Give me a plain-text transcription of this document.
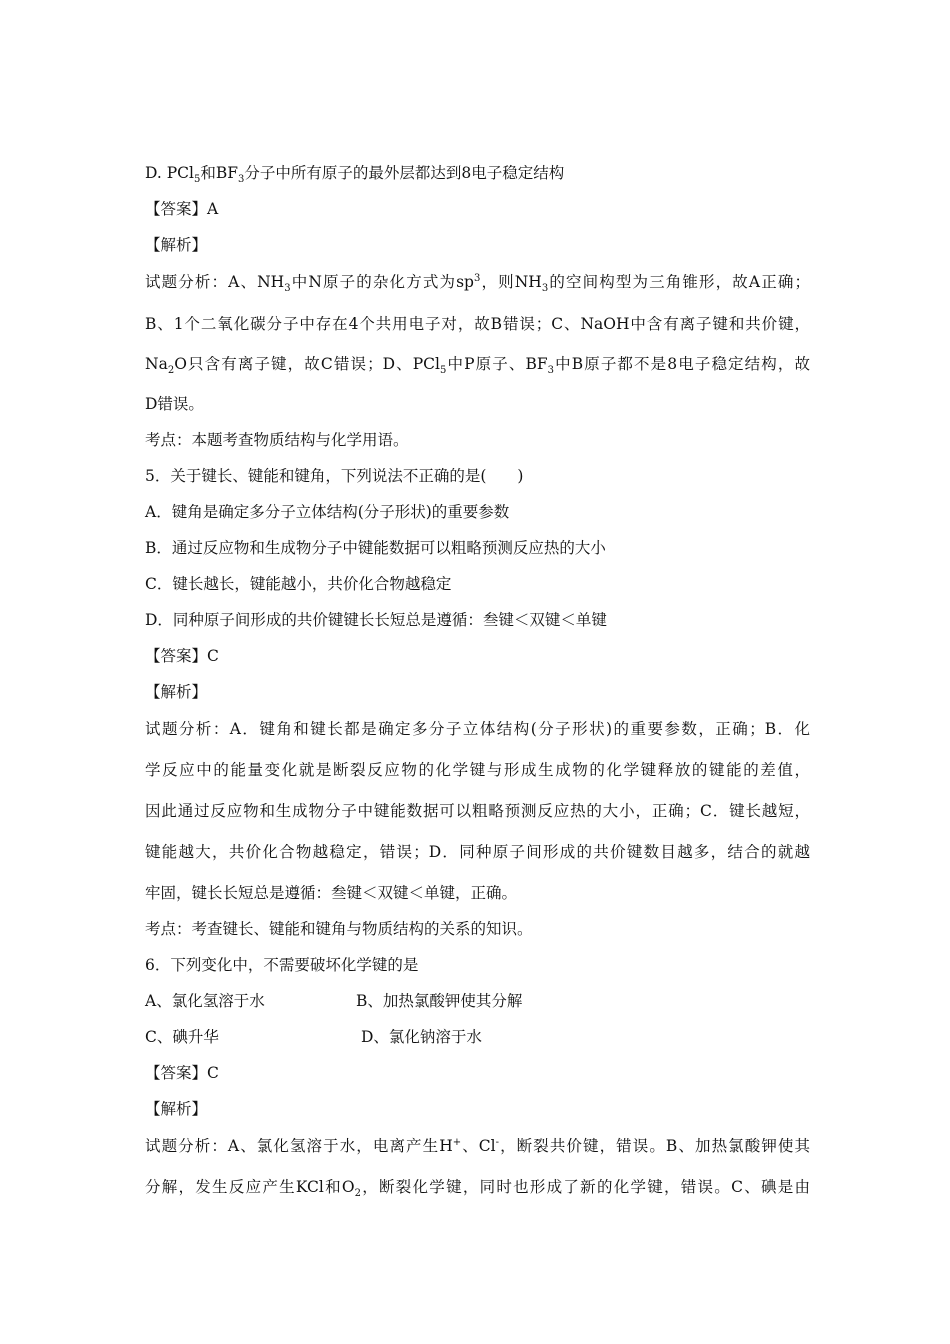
D. PCl$_5$和$BF_3$分子中所有原子的最外层都达到8电子稳定结构
【答案】A
【解析】
试题分析：A、$NH_3$中N原子的杂化方式为$sp^3$，则$NH_3$的空间构型为三角锥形，故A正确；
B、1个二氧化碳分子中存在4个共用电子对，故B错误；C、NaOH中含有离子键和共价键，
$Na_2O$只含有离子键，故C错误；D、PCl$_5$中P原子、$BF_3$中B原子都不是8电子稳定结构，故
D错误。
考点：本题考查物质结构与化学用语。
5．关于键长、键能和键角，下列说法不正确的是(　　)
A．键角是确定多分子立体结构(分子形状)的重要参数
B．通过反应物和生成物分子中键能数据可以粗略预测反应热的大小
C．键长越长，键能越小，共价化合物越稳定
D．同种原子间形成的共价键键长长短总是遵循：叁键＜双键＜单键
【答案】C
【解析】
试题分析：A．键角和键长都是确定多分子立体结构(分子形状)的重要参数，正确；B．化
学反应中的能量变化就是断裂反应物的化学键与形成生成物的化学键释放的键能的差值，
因此通过反应物和生成物分子中键能数据可以粗略预测反应热的大小，正确；C．键长越短，
键能越大，共价化合物越稳定，错误；D．同种原子间形成的共价键数目越多，结合的就越
牢固，键长长短总是遵循：叁键＜双键＜单键，正确。
考点：考查键长、键能和键角与物质结构的关系的知识。
6．下列变化中，不需要破坏化学键的是
A、氯化氢溶于水	B、加热氯酸钾使其分解
C、碘升华	D、氯化钠溶于水
【答案】C
【解析】
试题分析：A、氯化氢溶于水，电离产生H+、Cl-，断裂共价键，错误。B、加热氯酸钾使其
分解，发生反应产生KCl和$O_2$，断裂化学键，同时也形成了新的化学键，错误。C、碘是由
